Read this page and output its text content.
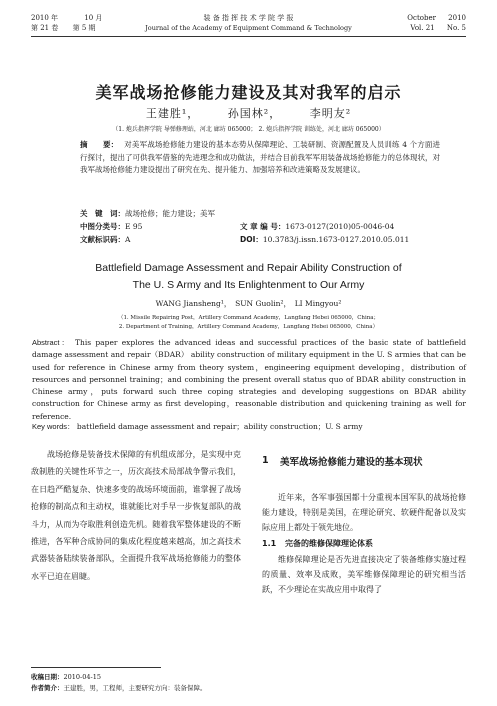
2010 年	10 月
第 21 卷 第 5 期
装 备 指 挥 技 术 学 院 学 报
Journal of the Academy of Equipment Command & Technology
October 2010
Vol. 21 No. 5
美军战场抢修能力建设及其对我军的启示
王建胜¹，	孙国林²，	李明友²
（1. 炮兵指挥学院 导弹修理站，河北 廊坊 065000； 2. 炮兵指挥学院 训练处，河北 廊坊 065000）
摘　　要： 对美军战场抢修能力建设的基本态势从保障理论、工装研制、资源配置及人员训练 4 个方面进行探讨，提出了可供我军借鉴的先进理念和成功做法，并结合目前我军军用装备战场抢修能力的总体现状，对我军战场抢修能力建设提出了研究在先、提升能力、加强培养和改进策略及发展建议。
关　键　词：战场抢修；能力建设；美军
中图分类号：E 95	文 章 编 号：1673-0127(2010)05-0046-04
文献标识码：A	DOI：10.3783/j.issn.1673-0127.2010.05.011
Battlefield Damage Assessment and Repair Ability Construction of
The U. S Army and Its Enlightenment to Our Army
WANG Jiansheng¹，　SUN Guolin²，　LI Mingyou²
（1. Missile Repairing Post，Artillery Command Academy，Langfang Hebei 065000，China；
2. Department of Training，Artillery Command Academy，Langfang Hebei 065000，China）
Abstract： This paper explores the advanced ideas and successful practices of the basic state of battlefield damage assessment and repair（BDAR） ability construction of military equipment in the U. S armies that can be used for reference in Chinese army from theory system，engineering equipment developing，distribution of resources and personnel training；and combining the present overall status quo of BDAR ability construction in Chinese army，puts forward such three coping strategies and developing suggestions on BDAR ability construction for Chinese army as first developing，reasonable distribution and quickening training as well for reference.
Key words： battlefield damage assessment and repair；ability construction；U. S army
战场抢修是装备技术保障的有机组成部分，是实现中克敌制胜的关键性环节之一，历次高技术局部战争警示我们，在日趋严酷复杂、快速多变的战场环境面前，谁掌握了战场抢修的制高点和主动权，谁就能比对手早一步恢复部队的战斗力，从而为夺取胜利创造先机。随着我军整体建设的不断推进，各军种合成协同的集成化程度越来越高，加之高技术武器装备陆续装备部队，全面提升我军战场抢修能力的整体水平已迫在眉睫。
1 美军战场抢修能力建设的基本现状
近年来，各军事强国都十分重视本国军队的战场抢修能力建设，特别是美国，在理论研究、软硬件配备以及实际应用上都处于领先地位。
1.1 完备的维修保障理论体系
维修保障理论是否先进直接决定了装备维修实施过程的质量、效率及成败，美军维修保障理论的研究相当活跃，不少理论在实战应用中取得了
收稿日期：2010-04-15
作者简介：王建胜，男，工程师，主要研究方向：装备保障。
